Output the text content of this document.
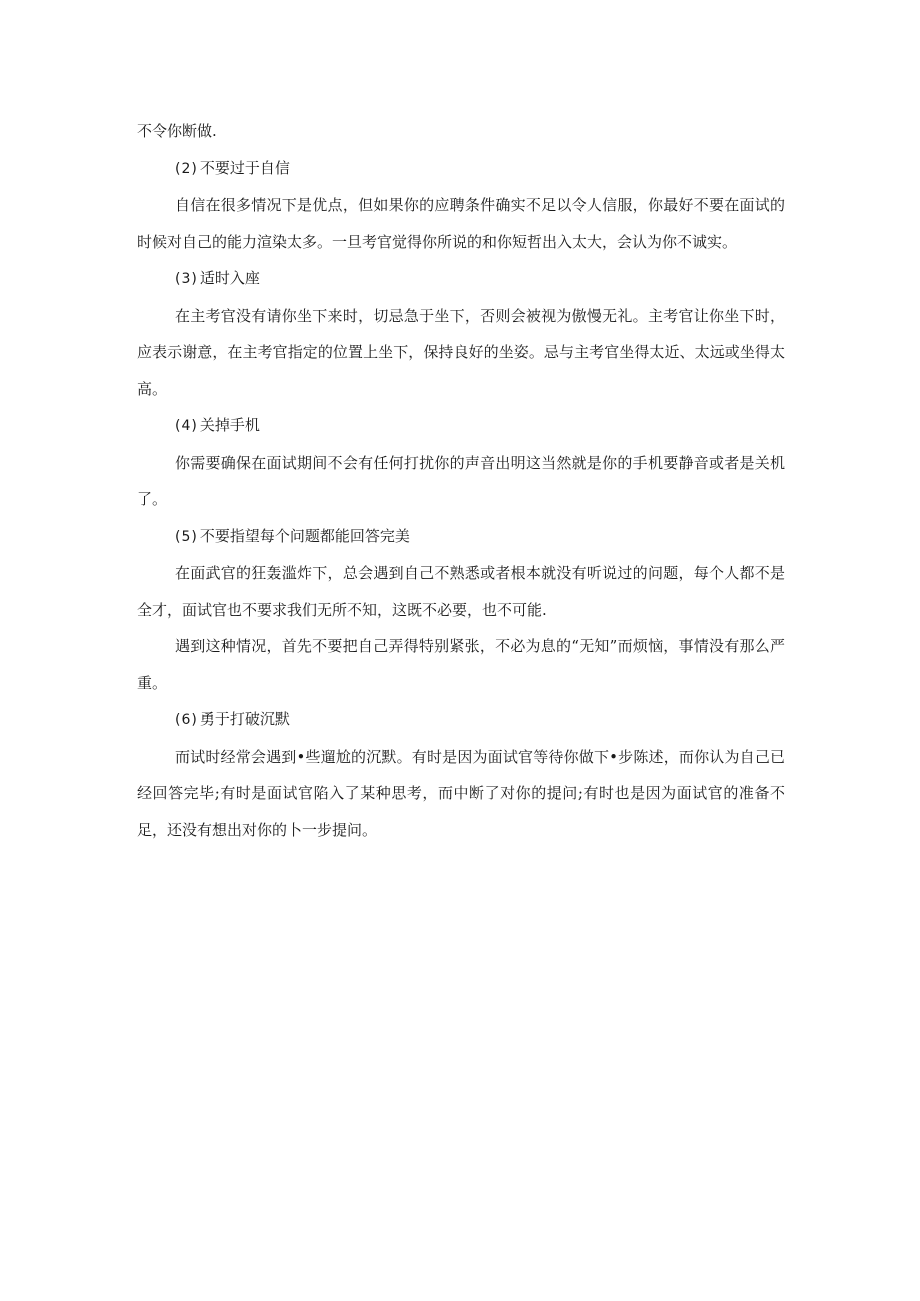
不令你断做.

(2) 不要过于自信

自信在很多情况下是优点，但如果你的应聘条件确实不足以令人信服，你最好不要在面试的时候对自己的能力渲染太多。一旦考官觉得你所说的和你短哲出入太大，会认为你不诚实。

(3) 适时入座

在主考官没有请你坐下来时，切忌急于坐下，否则会被视为傲慢无礼。主考官让你坐下时，应表示谢意，在主考官指定的位置上坐下，保持良好的坐姿。忌与主考官坐得太近、太远或坐得太高。

(4) 关掉手机

你需要确保在面试期间不会有任何打扰你的声音出明这当然就是你的手机要静音或者是关机了。

(5) 不要指望每个问题都能回答完美

在面武官的狂轰滥炸下，总会遇到自己不熟悉或者根本就没有听说过的问题，每个人都不是全才，面试官也不要求我们无所不知，这既不必要，也不可能.

遇到这种情况，首先不要把自己弄得特别紧张，不必为息的“无知”而烦恼，事情没有那么严重。

(6) 勇于打破沉默

而试时经常会遇到•些遛尬的沉默。有时是因为面试官等待你做下•步陈述，而你认为自己已经回答完毕;有时是面试官陷入了某种思考，而中断了对你的提问;有时也是因为面试官的准备不足，还没有想出对你的卜一步提问。
